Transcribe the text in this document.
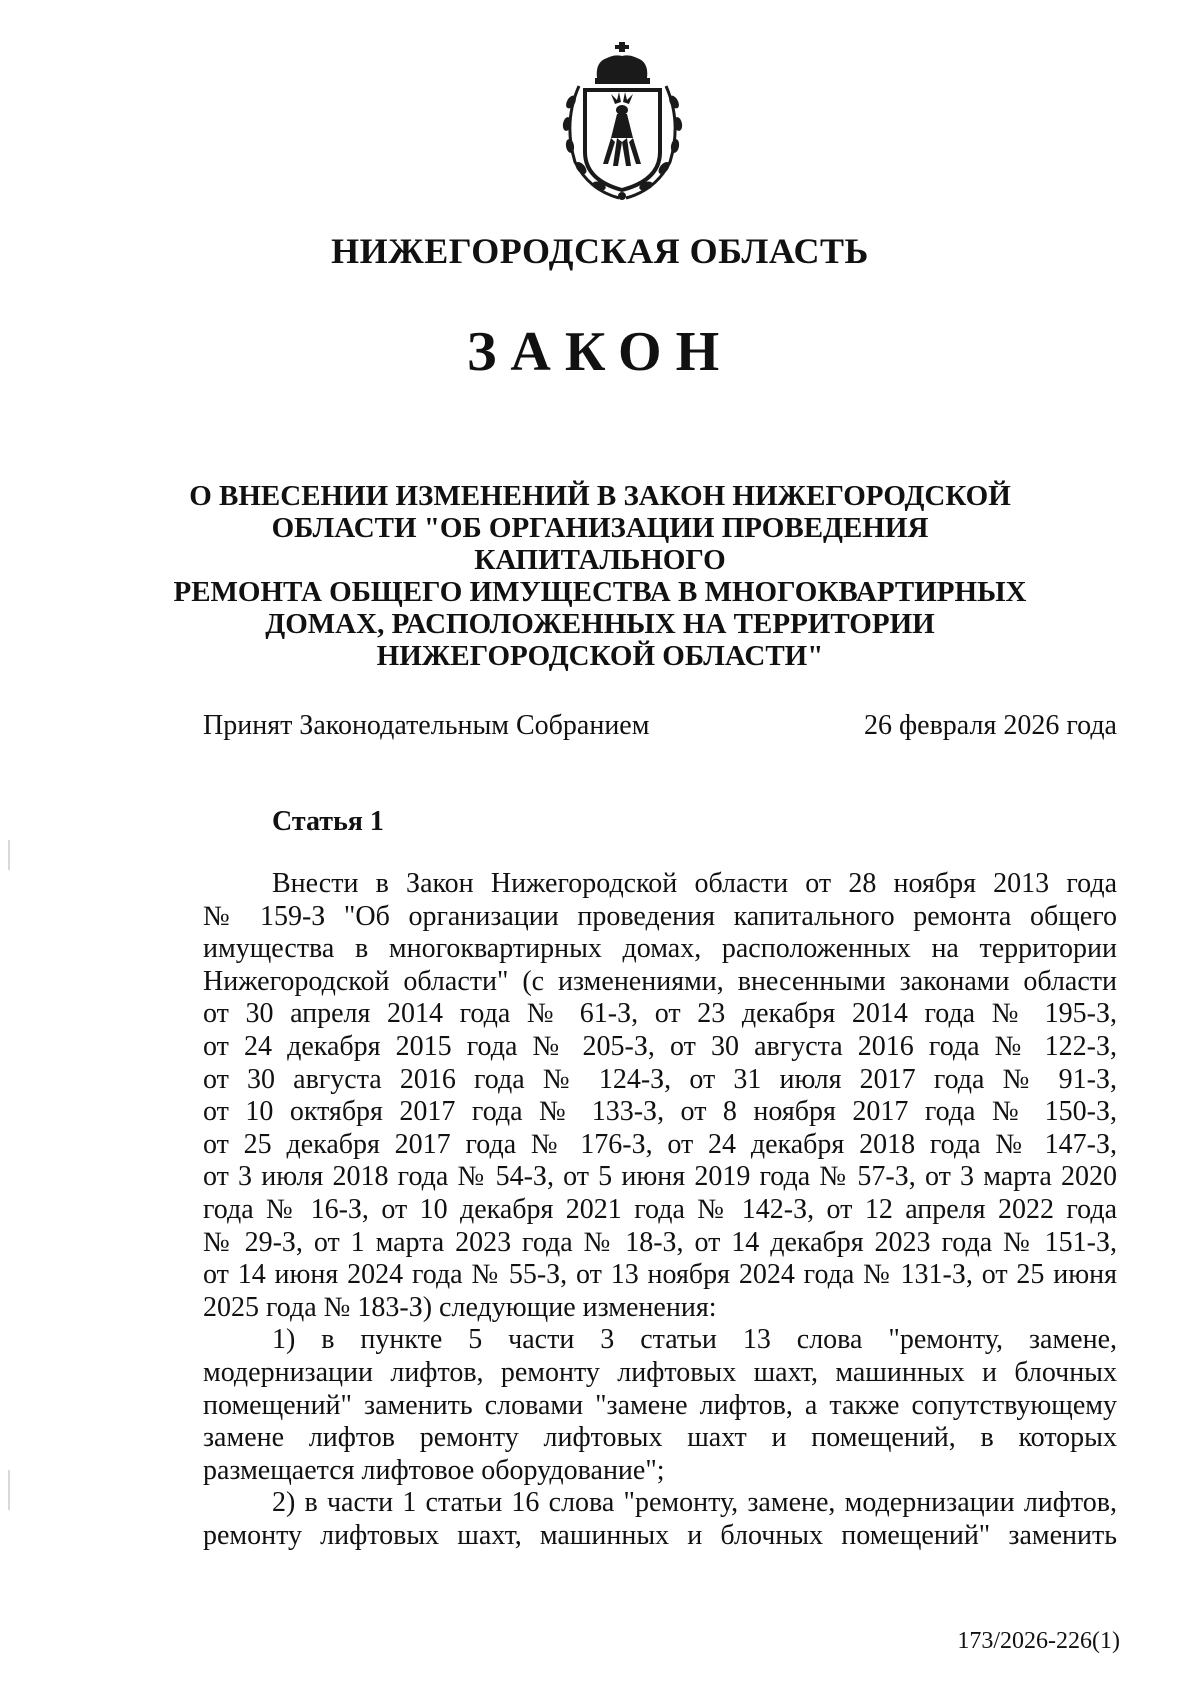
НИЖЕГОРОДСКАЯ ОБЛАСТЬ
ЗАКОН
О ВНЕСЕНИИ ИЗМЕНЕНИЙ В ЗАКОН НИЖЕГОРОДСКОЙ
ОБЛАСТИ "ОБ ОРГАНИЗАЦИИ ПРОВЕДЕНИЯ КАПИТАЛЬНОГО
РЕМОНТА ОБЩЕГО ИМУЩЕСТВА В МНОГОКВАРТИРНЫХ
ДОМАХ, РАСПОЛОЖЕННЫХ НА ТЕРРИТОРИИ
НИЖЕГОРОДСКОЙ ОБЛАСТИ"
Принят Законодательным Собранием	26 февраля 2026 года
Статья 1
Внести в Закон Нижегородской области от 28 ноября 2013 года
№ 159-З "Об организации проведения капитального ремонта общего
имущества в многоквартирных домах, расположенных на территории
Нижегородской области" (с изменениями, внесенными законами области
от 30 апреля 2014 года № 61-З, от 23 декабря 2014 года № 195-З,
от 24 декабря 2015 года № 205-З, от 30 августа 2016 года № 122-З,
от 30 августа 2016 года № 124-З, от 31 июля 2017 года № 91-З,
от 10 октября 2017 года № 133-З, от 8 ноября 2017 года № 150-З,
от 25 декабря 2017 года № 176-З, от 24 декабря 2018 года № 147-З,
от 3 июля 2018 года № 54-З, от 5 июня 2019 года № 57-З, от 3 марта 2020
года № 16-З, от 10 декабря 2021 года № 142-З, от 12 апреля 2022 года
№ 29-З, от 1 марта 2023 года № 18-З, от 14 декабря 2023 года № 151-З,
от 14 июня 2024 года № 55-З, от 13 ноября 2024 года № 131-З, от 25 июня
2025 года № 183-З) следующие изменения:
1) в пункте 5 части 3 статьи 13 слова "ремонту, замене,
модернизации лифтов, ремонту лифтовых шахт, машинных и блочных
помещений" заменить словами "замене лифтов, а также сопутствующему
замене лифтов ремонту лифтовых шахт и помещений, в которых
размещается лифтовое оборудование";
2) в части 1 статьи 16 слова "ремонту, замене, модернизации лифтов,
ремонту лифтовых шахт, машинных и блочных помещений" заменить
173/2026-226(1)
